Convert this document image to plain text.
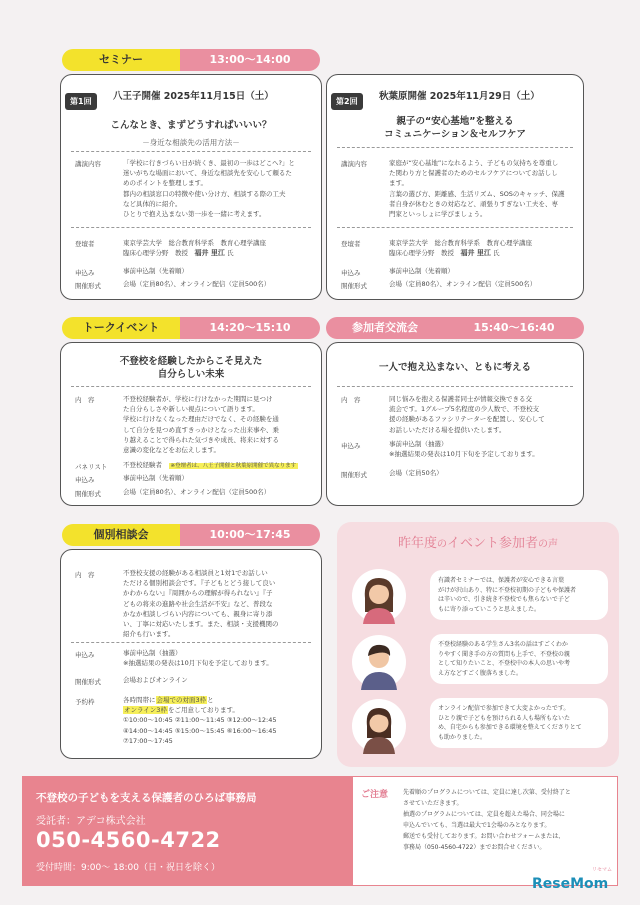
セミナー	13:00〜14:00
第1回	八王子開催 2025年11月15日（土）
こんなとき、まずどうすればいいい？
－身近な相談先の活用方法－
講演内容	「学校に行きづらい日が続くき、最初の一歩はどこへ?」と
迷いがちな場面において、身近な相談先を安心して頼るた
めのポイントを整理します。
都内の相談窓口の特徴や使い分け方、相談する際の工夫
など具体的に紹介。
ひとりで抱え込まない第一歩を一緒に考えます。
登壇者	東京学芸大学　総合教育科学系　教育心理学講座
臨床心理学分野　教授　福井 里江 氏
申込み	事前申込制（先着順）
開催形式	会場（定員80名）、オンライン配信（定員500名）
第2回	秋葉原開催 2025年11月29日（土）
親子の“安心基地”を整える
コミュニケーション＆セルフケア
講演内容	家庭が“安心基地”になれるよう、子どもの気持ちを尊重し
た関わり方と保護者のためのセルフケアについてお話しし
ます。
言葉の選び方、距離感、生活リズム、SOSのキャッチ、保護
者自身が休むときの対応など、頑張りすぎない工夫を、専
門家といっしょに学びましょう。
登壇者	東京学芸大学　総合教育科学系　教育心理学講座
臨床心理学分野　教授　福井 里江 氏
申込み	事前申込制（先着順）
開催形式	会場（定員80名）、オンライン配信（定員500名）
トークイベント	14:20〜15:10	参加者交流会	15:40〜16:40
不登校を経験したからこそ見えた
自分らしい未来
内　容	不登校経験者が、学校に行けなかった期間に見つけ
た自分らしさや新しい視点について語ります。
学校に行けなくなった理由だけでなく、その経験を通
して自分を見つめ直すきっかけとなった出来事や、乗
り越えることで得られた気づきや成長、将来に対する
意識の変化などをお伝えします。
パネリスト 不登校経験者　 ※登壇者は、八王子開催と秋葉原開催で異なります
申込み	事前申込制（先着順）
開催形式	会場（定員80名）、オンライン配信（定員500名）
一人で抱え込まない、ともに考える
内　容	同じ悩みを抱える保護者同士が情報交換できる交
流会です。1グループ5名程度の少人数で、不登校支
援の経験があるファシリテーターを配置し、安心して
お話しいただける場を提供いたします。
申込み	事前申込制（抽選）
※抽選結果の発表は10月下旬を予定しております。
開催形式	会場（定員50名）
個別相談会	10:00〜17:45
内　容	不登校支援の経験がある相談員と1対1でお話しい
ただける個別相談会です。『子どもとどう接して良い
かわからない』『周囲からの理解が得られない』『子
どもの将来の進路や社会生活が不安』など、普段な
かなか相談しづらい内容についても、親身に寄り添
い、丁寧に対応いたします。また、相談・支援機関の
紹介も行います。
申込み	事前申込制（抽選）
※抽選結果の発表は10月下旬を予定しております。
開催形式	会場およびオンライン
予約枠	各時間帯に会場での対面3枠と
オンライン3枠をご用意しております。
①10:00〜10:45 ②11:00〜11:45 ③12:00〜12:45
④14:00〜14:45 ⑤15:00〜15:45 ⑥16:00〜16:45
⑦17:00〜17:45
昨年度のイベント参加者の声
有識者セミナーでは、保護者が安心できる言葉
がけが沢山あり、特に不登校初期の子どもや保護者
は辛いので、引き続き不登校でも焦らないで子ど
もに寄り添っていこうと思えました。
不登校経験のある学生さん3名の話はすごくわか
りやすく聞き手の方の質問も上手で、不登校の親
として知りたいこと、不登校中の本人の思いや考
え方などすごく腹落ちました。
オンライン配信で参加できて大変よかったです。
ひとり親で子どもを預けられる人も場所もないた
め、自宅からも参加できる環境を整えてくださりとて
も助かりました。
不登校の子どもを支える保護者のひろば事務局
受託者：アデコ株式会社
050-4560-4722
受付時間：9:00〜 18:00（日・祝日を除く）
ご注意 先着順のプログラムについては、定員に達し次第、受付終了と
させていただきます。
抽選のプログラムについては、定員を超えた場合、同会場に
申込んでいても、当選は最大で1会場のみとなります。
郵送でも受付しております。お問い合わせフォームまたは、
事務局（050-4560-4722）までお問合せください。
ReseMom
リセマム
